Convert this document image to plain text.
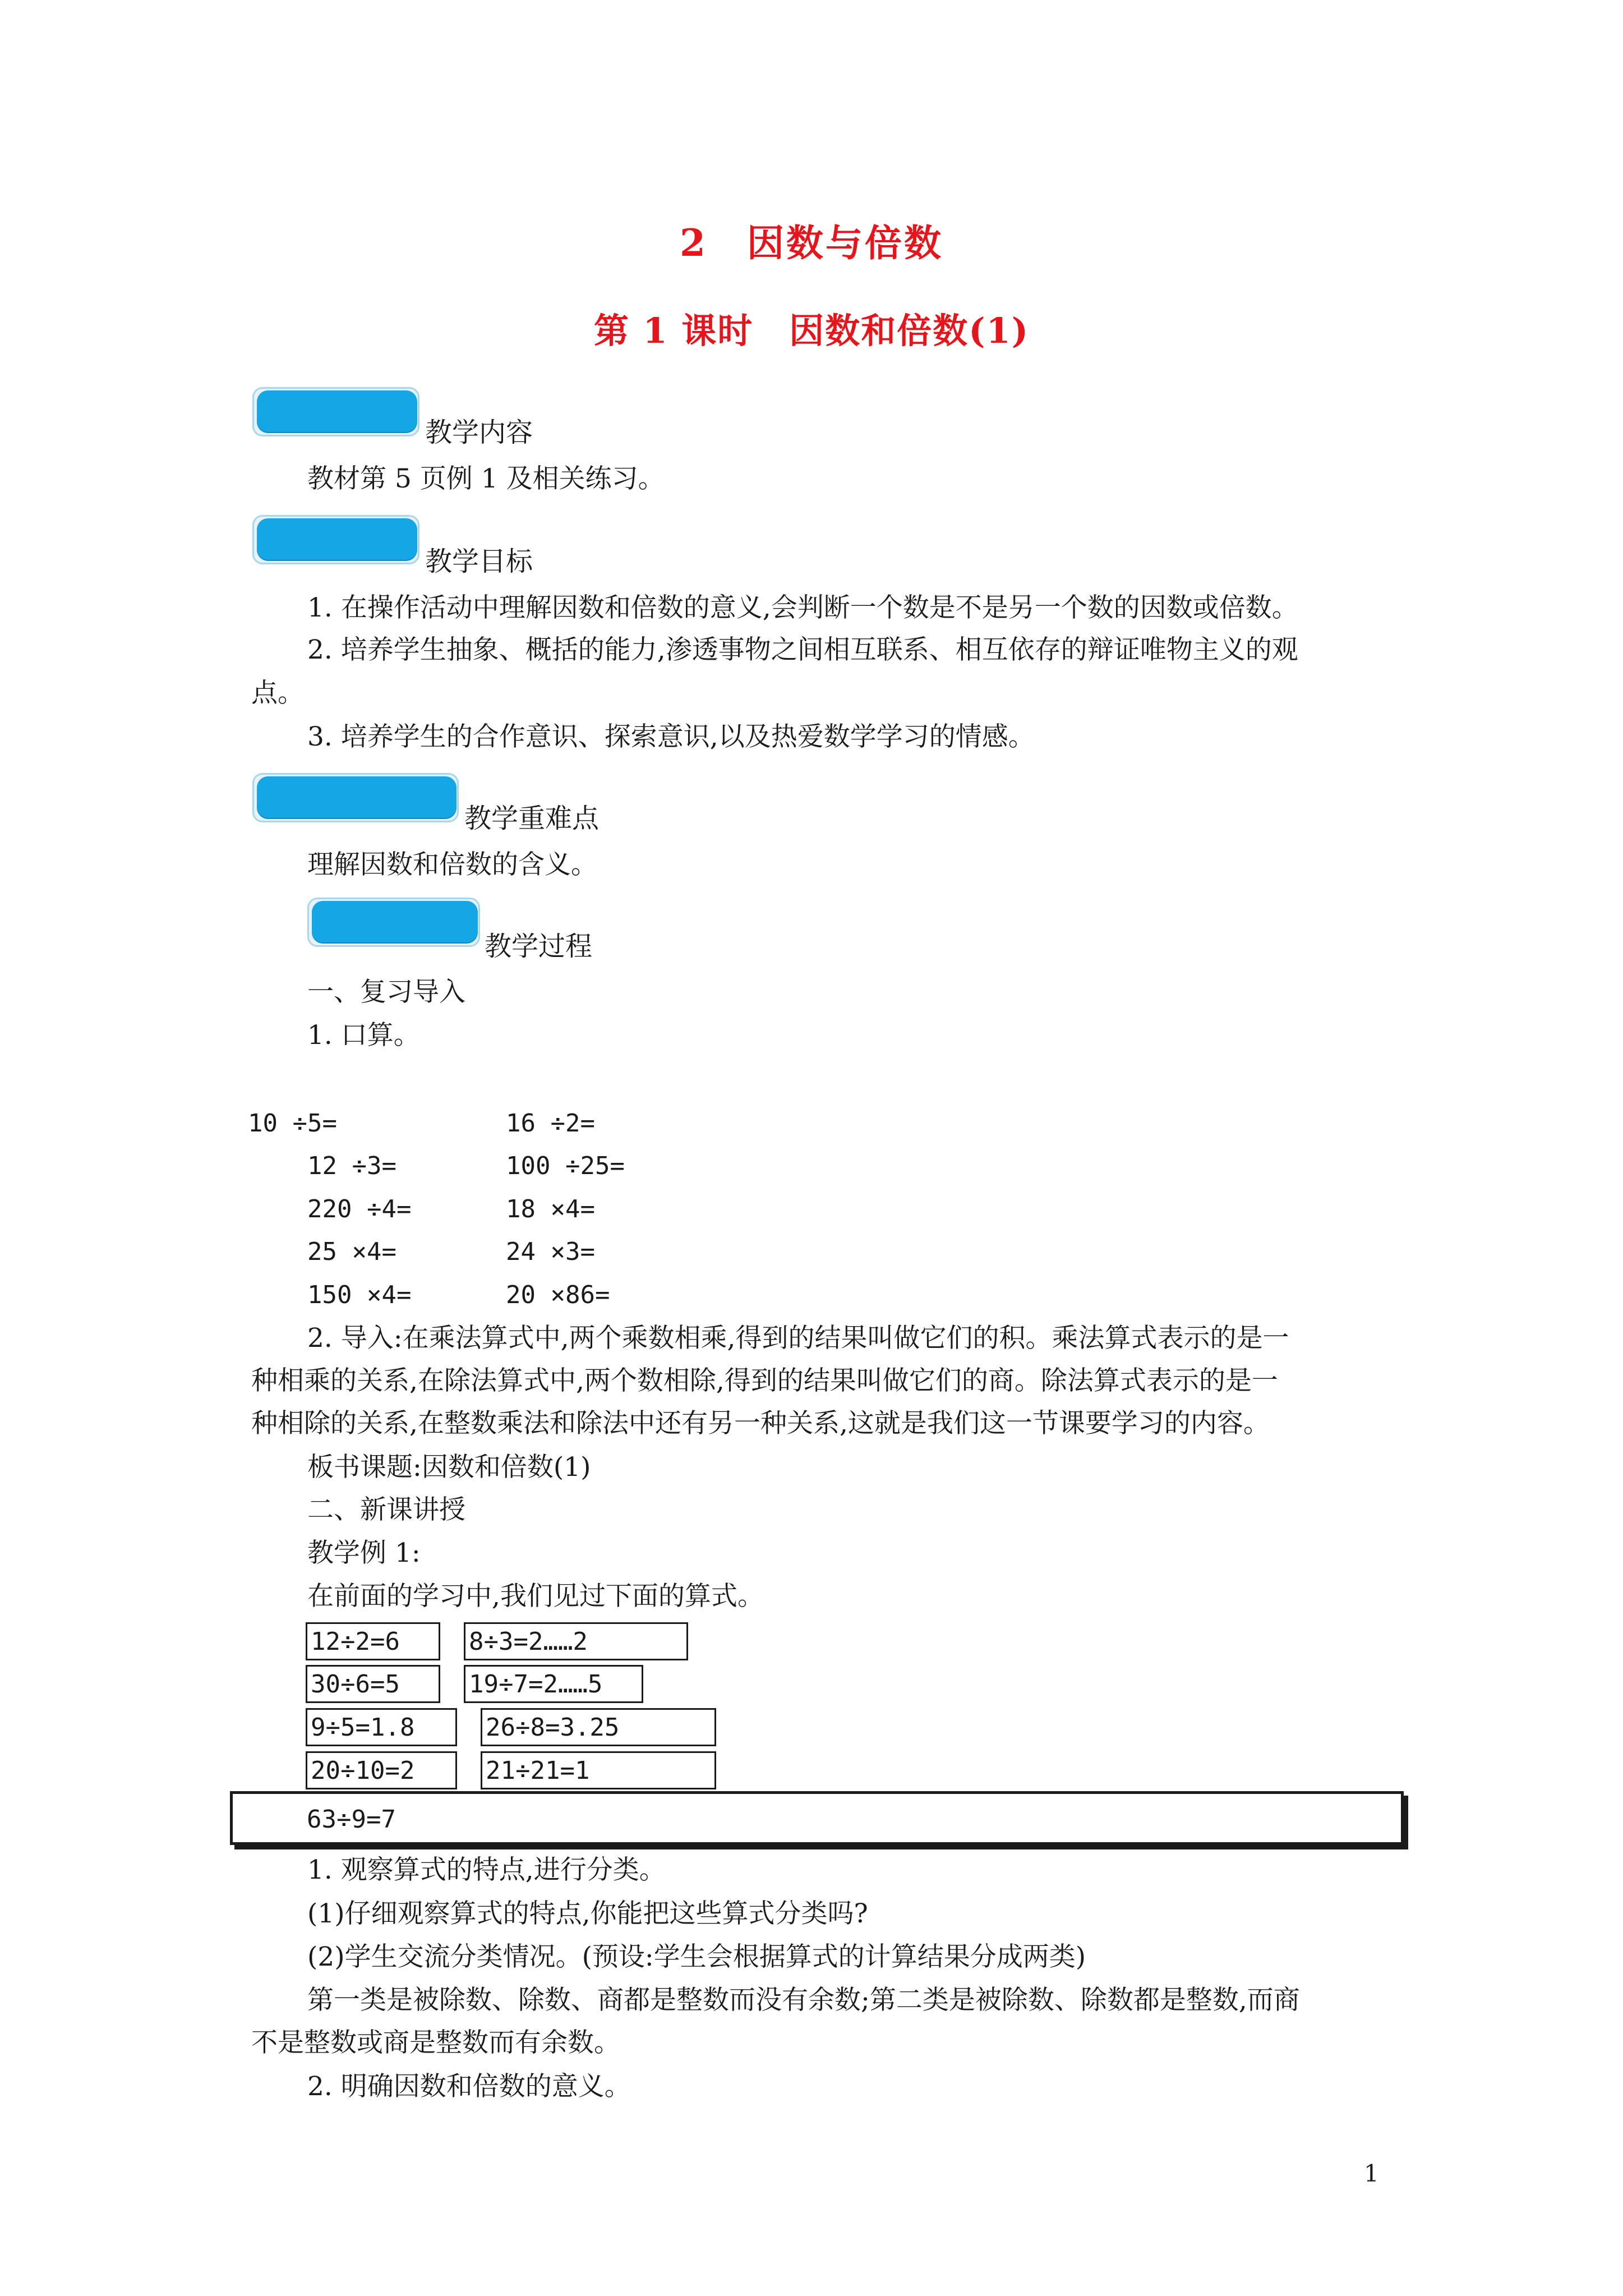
2　因数与倍数
第 1 课时　因数和倍数(1)
教学内容
教材第 5 页例 1 及相关练习。
教学目标
1. 在操作活动中理解因数和倍数的意义,会判断一个数是不是另一个数的因数或倍数。
2. 培养学生抽象、概括的能力,渗透事物之间相互联系、相互依存的辩证唯物主义的观
点。
3. 培养学生的合作意识、探索意识,以及热爱数学学习的情感。
教学重难点
理解因数和倍数的含义。
教学过程
一、复习导入
1. 口算。
10 ÷5=	16 ÷2=
12 ÷3=	100 ÷25=
220 ÷4=	18 ×4=
25 ×4=	24 ×3=
150 ×4=	20 ×86=
2. 导入:在乘法算式中,两个乘数相乘,得到的结果叫做它们的积。乘法算式表示的是一
种相乘的关系,在除法算式中,两个数相除,得到的结果叫做它们的商。除法算式表示的是一
种相除的关系,在整数乘法和除法中还有另一种关系,这就是我们这一节课要学习的内容。
板书课题:因数和倍数(1)
二、新课讲授
教学例 1:
在前面的学习中,我们见过下面的算式。
12÷2=6	8÷3=2……2
30÷6=5	19÷7=2……5
9÷5=1.8	26÷8=3.25
20÷10=2	21÷21=1
63÷9=7
1. 观察算式的特点,进行分类。
(1)仔细观察算式的特点,你能把这些算式分类吗?
(2)学生交流分类情况。(预设:学生会根据算式的计算结果分成两类)
第一类是被除数、除数、商都是整数而没有余数;第二类是被除数、除数都是整数,而商
不是整数或商是整数而有余数。
2. 明确因数和倍数的意义。
1
